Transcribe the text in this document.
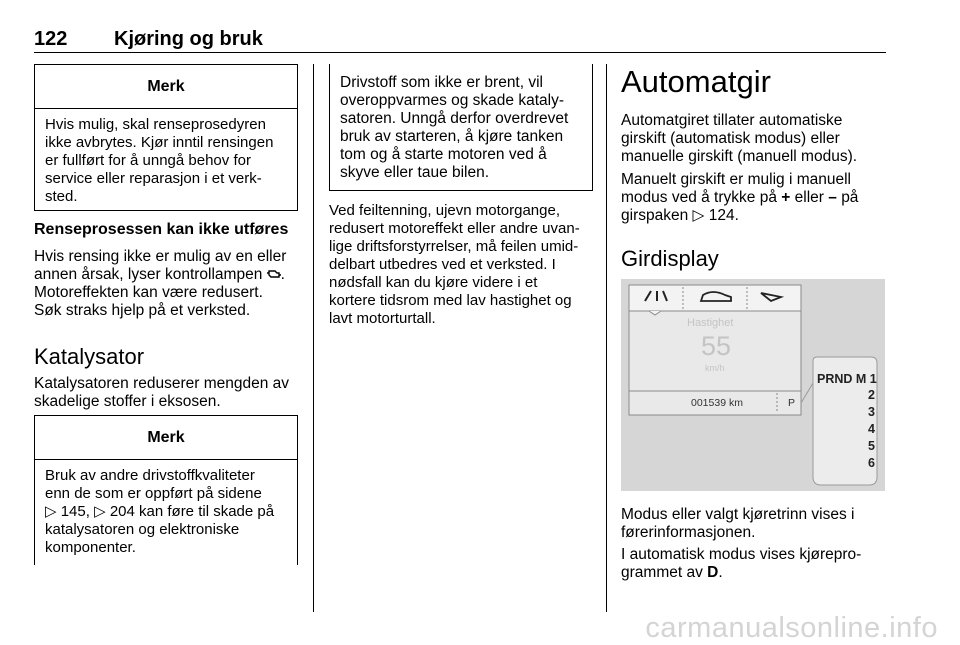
122 Kjøring og bruk
Merk
Hvis mulig, skal renseprosedyren
ikke avbrytes. Kjør inntil rensingen
er fullført for å unngå behov for
service eller reparasjon i et verk-
sted.
Renseprosessen kan ikke utføres
Hvis rensing ikke er mulig av en eller
annen årsak, lyser kontrollampen .
Motoreffekten kan være redusert.
Søk straks hjelp på et verksted.
Katalysator
Katalysatoren reduserer mengden av
skadelige stoffer i eksosen.
Merk
Bruk av andre drivstoffkvaliteter
enn de som er oppført på sidene
▷ 145, ▷ 204 kan føre til skade på
katalysatoren og elektroniske
komponenter.
Drivstoff som ikke er brent, vil
overoppvarmes og skade kataly-
satoren. Unngå derfor overdrevet
bruk av starteren, å kjøre tanken
tom og å starte motoren ved å
skyve eller taue bilen.
Ved feiltenning, ujevn motorgange,
redusert motoreffekt eller andre uvan-
lige driftsforstyrrelser, må feilen umid-
delbart utbedres ved et verksted. I
nødsfall kan du kjøre videre i et
kortere tidsrom med lav hastighet og
lavt motorturtall.
Automatgir
Automatgiret tillater automatiske
girskift (automatisk modus) eller
manuelle girskift (manuell modus).
Manuelt girskift er mulig i manuell
modus ved å trykke på + eller – på
girspaken ▷ 124.
Girdisplay
Hastighet
55
km/h
001539 km	P
PRND M 1
2
3
4
5
6
Modus eller valgt kjøretrinn vises i
førerinformasjonen.
I automatisk modus vises kjørepro-
grammet av D.
carmanualsonline.info
